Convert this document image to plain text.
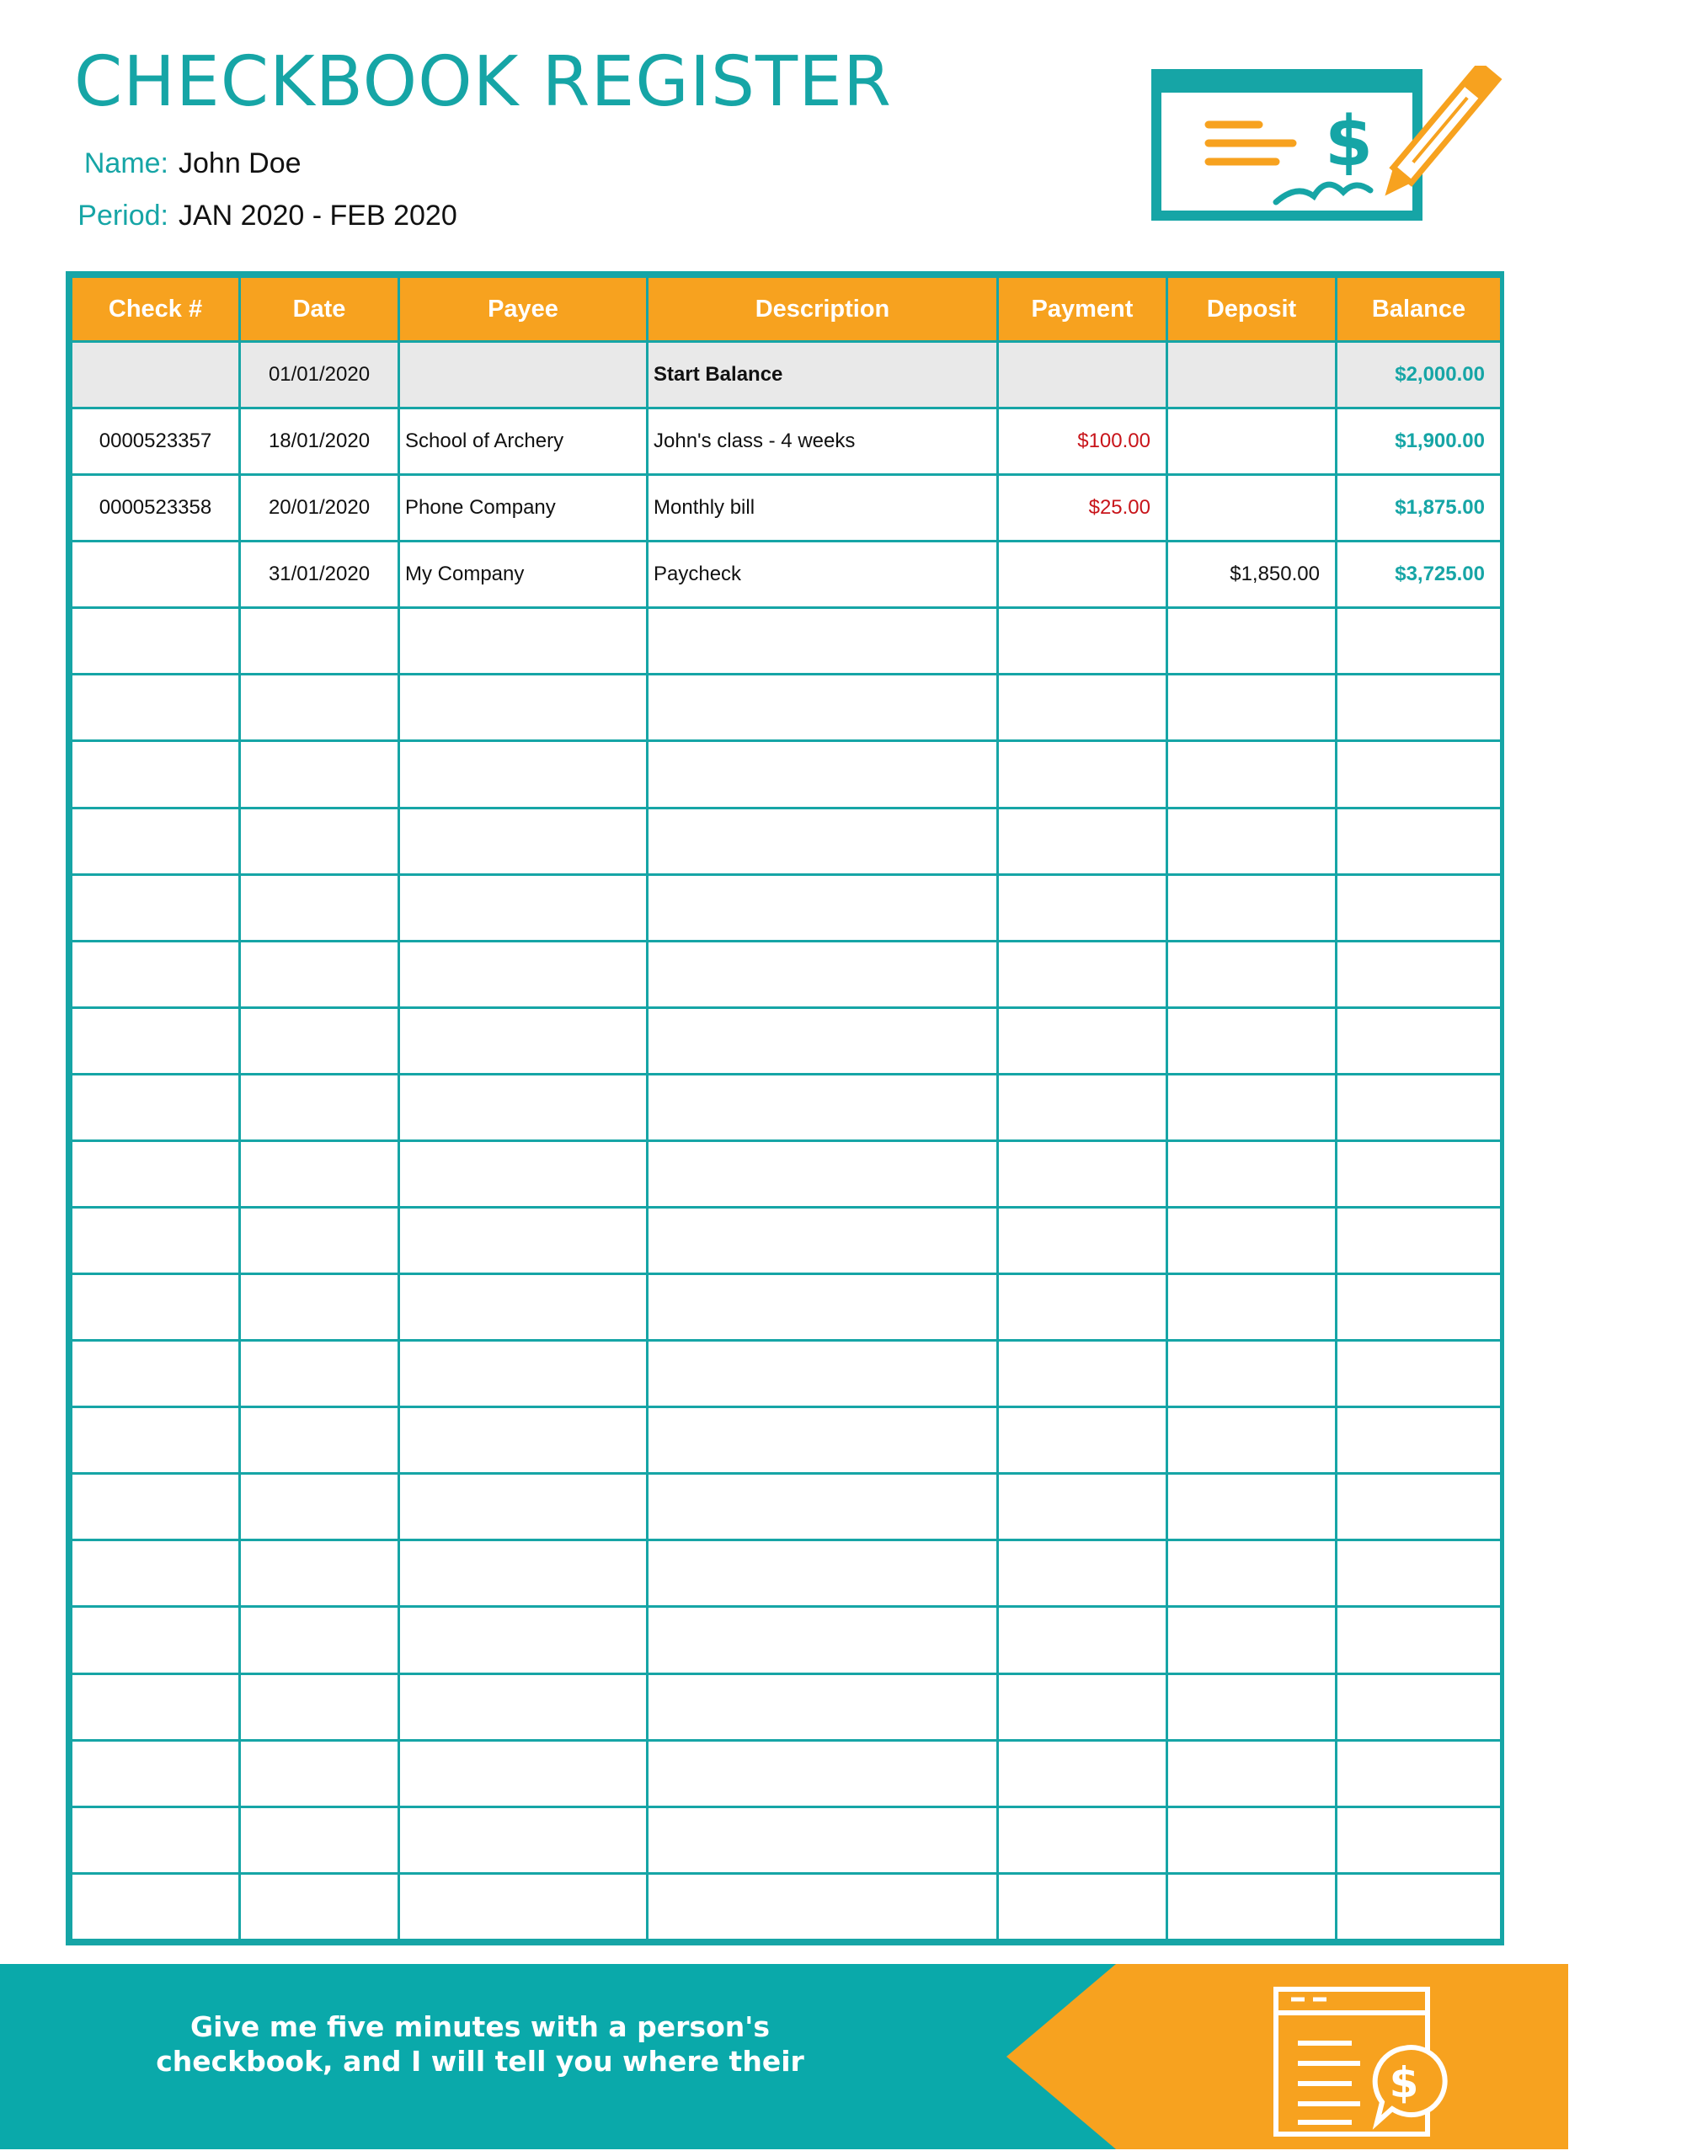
CHECKBOOK REGISTER
Name: John Doe
Period: JAN 2020 - FEB 2020
$
Check #	Date	Payee	Description	Payment	Deposit	Balance
	01/01/2020		Start Balance			$2,000.00
0000523357	18/01/2020	School of Archery	John's class - 4 weeks	$100.00		$1,900.00
0000523358	20/01/2020	Phone Company	Monthly bill	$25.00		$1,875.00
	31/01/2020	My Company	Paycheck		$1,850.00	$3,725.00

Give me five minutes with a person's
checkbook, and I will tell you where their	$
